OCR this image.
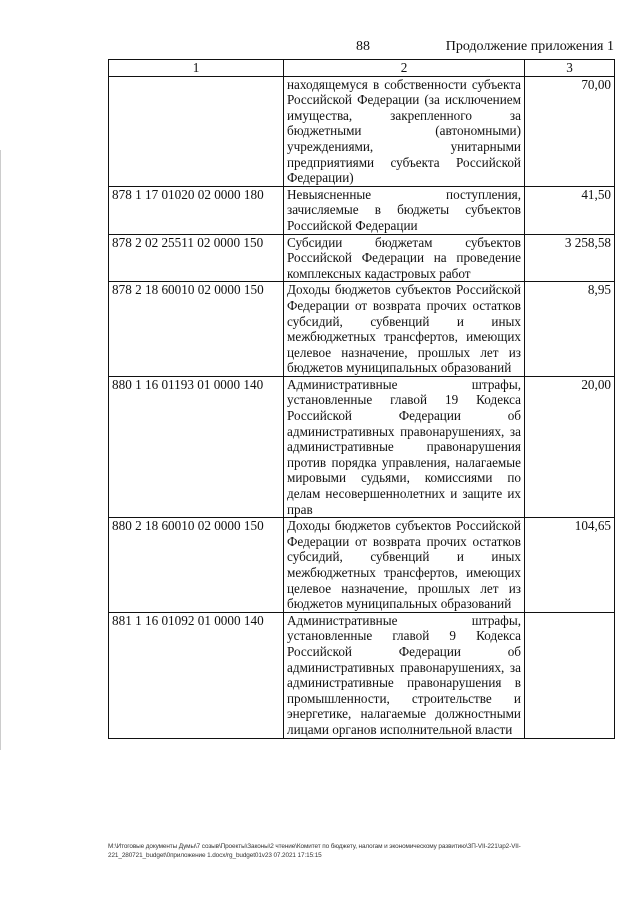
88	Продолжение приложения 1
1	2	3
	находящемуся в собственности субъекта Российской Федерации (за исключением имущества, закрепленного за бюджетными (автономными) учреждениями, унитарными предприятиями субъекта Российской Федерации)	70,00
878 1 17 01020 02 0000 180	Невыясненные поступления, зачисляемые в бюджеты субъектов Российской Федерации	41,50
878 2 02 25511 02 0000 150	Субсидии бюджетам субъектов Российской Федерации на проведение комплексных кадастровых работ	3 258,58
878 2 18 60010 02 0000 150	Доходы бюджетов субъектов Российской Федерации от возврата прочих остатков субсидий, субвенций и иных межбюджетных трансфертов, имеющих целевое назначение, прошлых лет из бюджетов муниципальных образований	8,95
880 1 16 01193 01 0000 140	Административные штрафы, установленные главой 19 Кодекса Российской Федерации об административных правонарушениях, за административные правонарушения против порядка управления, налагаемые мировыми судьями, комиссиями по делам несовершеннолетних и защите их прав	20,00
880 2 18 60010 02 0000 150	Доходы бюджетов субъектов Российской Федерации от возврата прочих остатков субсидий, субвенций и иных межбюджетных трансфертов, имеющих целевое назначение, прошлых лет из бюджетов муниципальных образований	104,65
881 1 16 01092 01 0000 140	Административные штрафы, установленные главой 9 Кодекса Российской Федерации об административных правонарушениях, за административные правонарушения в промышленности, строительстве и энергетике, налагаемые должностными лицами органов исполнительной власти	
M:\Итоговые документы Думы\7 созыв\Проекты\Законы\2 чтение\Комитет по бюджету, налогам и экономическому развитию\ЗП-VII-221\зр2-VII-221_280721_budget\0приложение 1.docx/rg_budget01v23 07.2021 17:15:15
